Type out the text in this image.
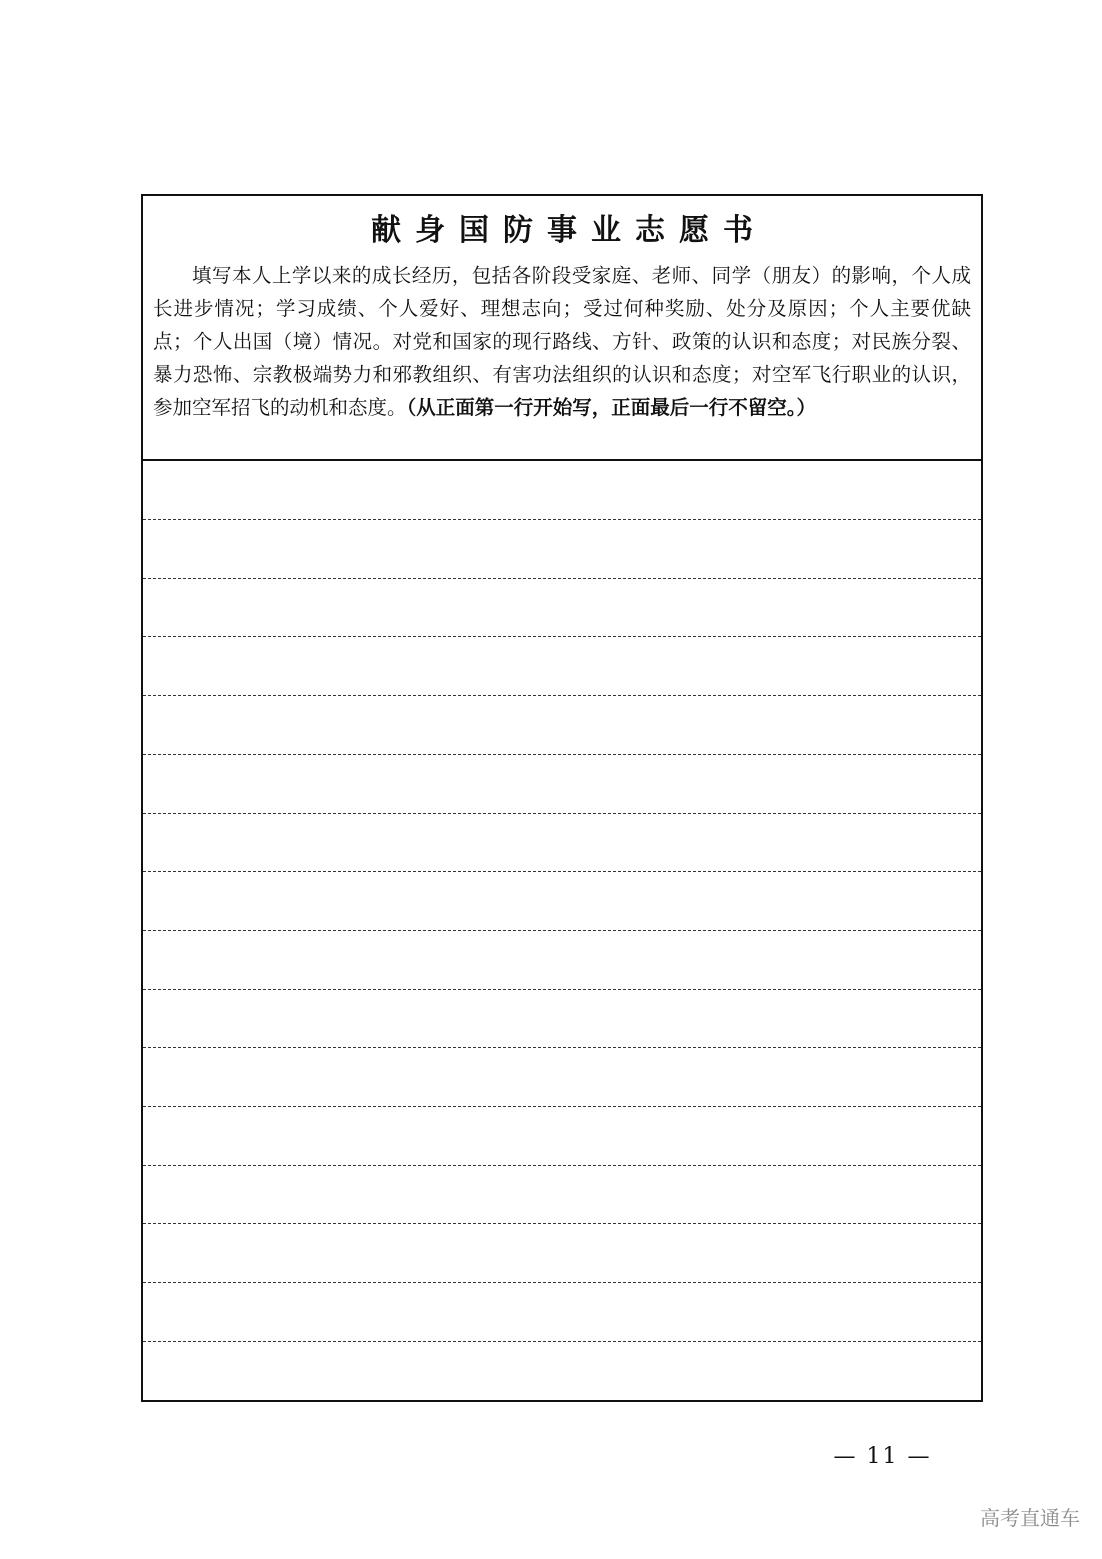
献身国防事业志愿书

填写本人上学以来的成长经历，包括各阶段受家庭、老师、同学（朋友）的影响，个人成长进步情况；学习成绩、个人爱好、理想志向；受过何种奖励、处分及原因；个人主要优缺点；个人出国（境）情况。对党和国家的现行路线、方针、政策的认识和态度；对民族分裂、暴力恐怖、宗教极端势力和邪教组织、有害功法组织的认识和态度；对空军飞行职业的认识，参加空军招飞的动机和态度。（从正面第一行开始写，正面最后一行不留空。）

— 11 —
高考直通车
